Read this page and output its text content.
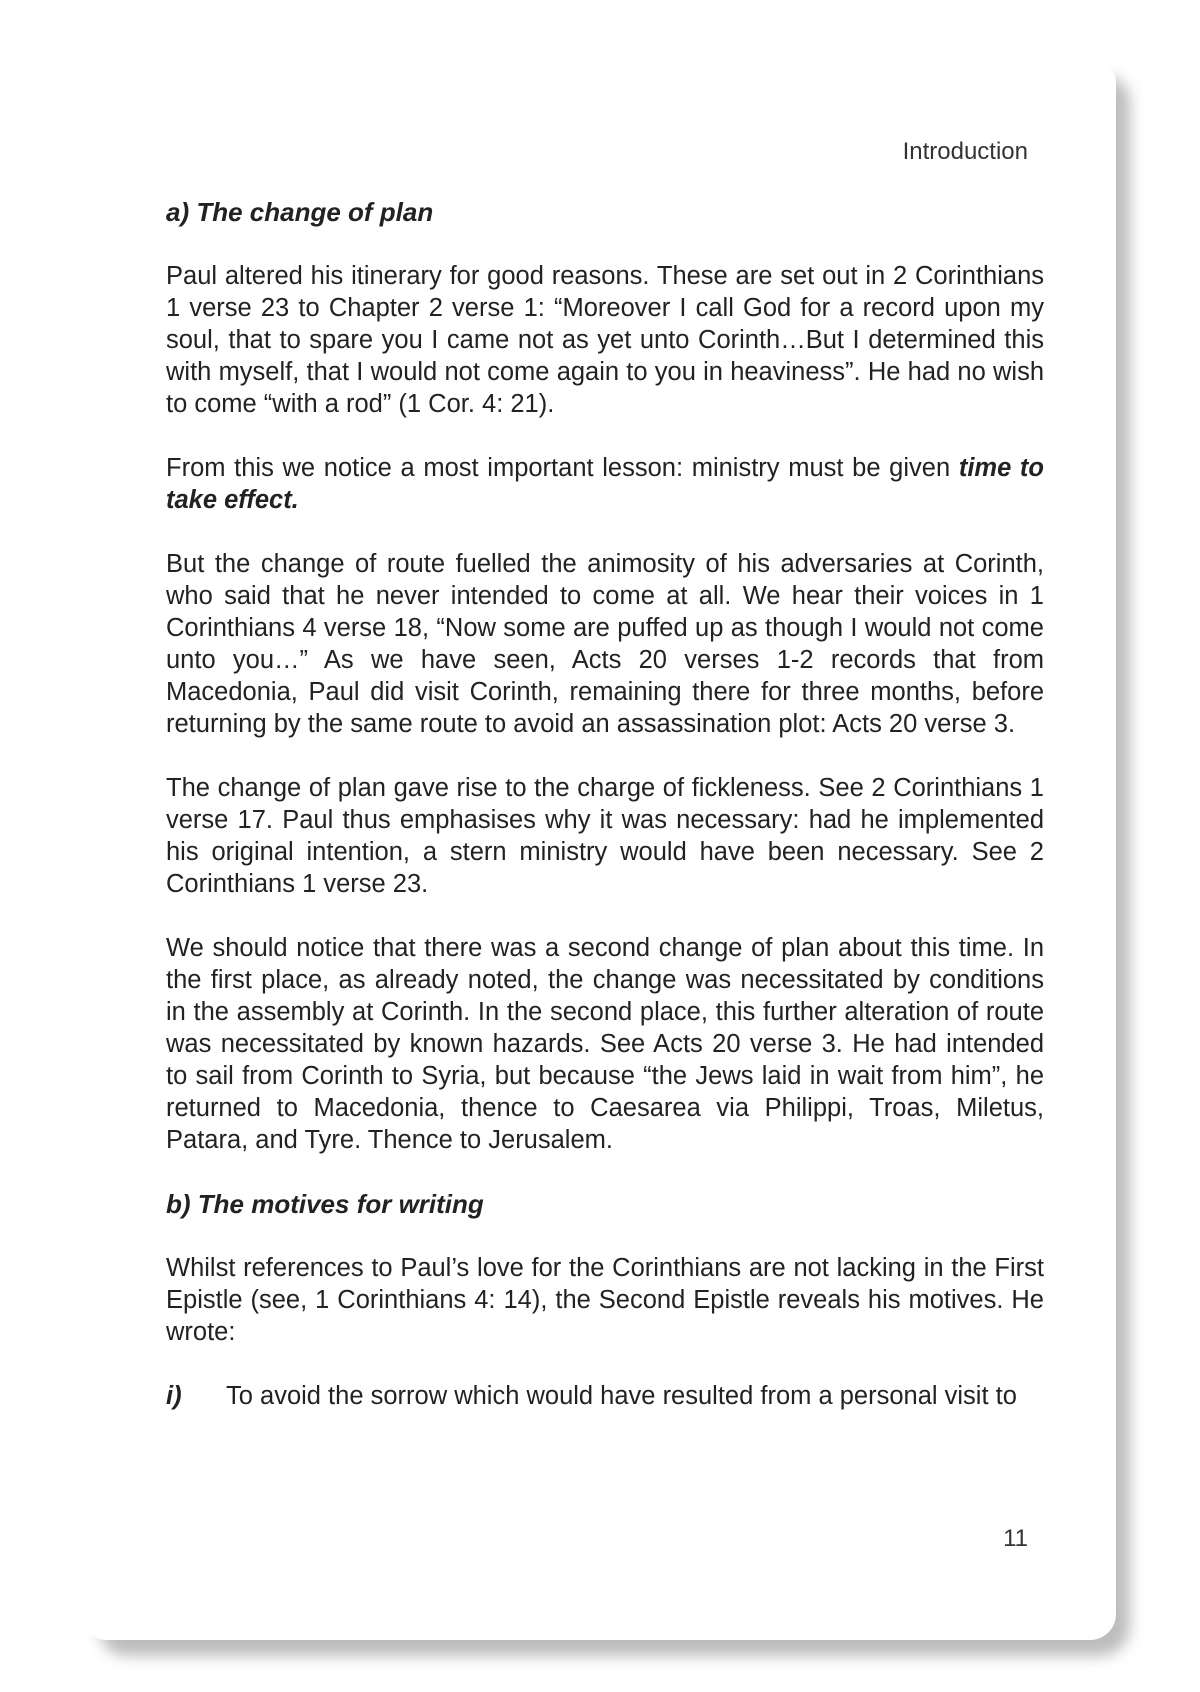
Introduction
a) The change of plan

Paul altered his itinerary for good reasons. These are set out in 2 Corinthians 1 verse 23 to Chapter 2 verse 1: “Moreover I call God for a record upon my soul, that to spare you I came not as yet unto Corinth…But I determined this with myself, that I would not come again to you in heaviness”. He had no wish to come “with a rod” (1 Cor. 4: 21).

From this we notice a most important lesson: ministry must be given time to take effect.

But the change of route fuelled the animosity of his adversaries at Corinth, who said that he never intended to come at all. We hear their voices in 1 Corinthians 4 verse 18, “Now some are puffed up as though I would not come unto you…” As we have seen, Acts 20 verses 1-2 records that from Macedonia, Paul did visit Corinth, remaining there for three months, before returning by the same route to avoid an assassination plot: Acts 20 verse 3.

The change of plan gave rise to the charge of fickleness. See 2 Corinthians 1 verse 17. Paul thus emphasises why it was necessary: had he implemented his original intention, a stern ministry would have been necessary. See 2 Corinthians 1 verse 23.

We should notice that there was a second change of plan about this time. In the first place, as already noted, the change was necessitated by conditions in the assembly at Corinth. In the second place, this further alteration of route was necessitated by known hazards. See Acts 20 verse 3. He had intended to sail from Corinth to Syria, but because “the Jews laid in wait from him”, he returned to Macedonia, thence to Caesarea via Philippi, Troas, Miletus, Patara, and Tyre. Thence to Jerusalem.

b) The motives for writing

Whilst references to Paul’s love for the Corinthians are not lacking in the First Epistle (see, 1 Corinthians 4: 14), the Second Epistle reveals his motives. He wrote:

i)	To avoid the sorrow which would have resulted from a personal visit to
11
